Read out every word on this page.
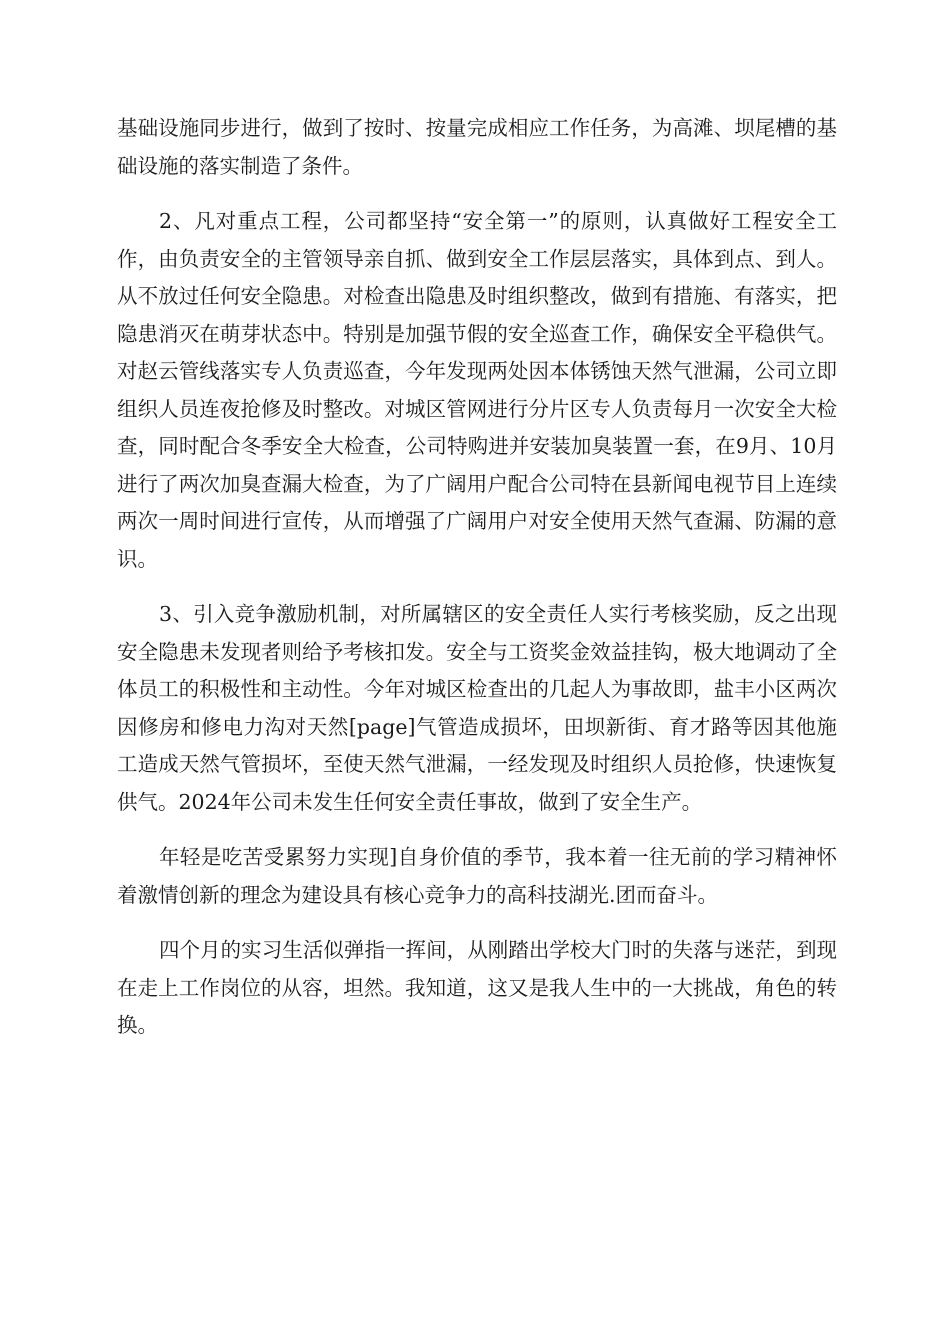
基础设施同步进行，做到了按时、按量完成相应工作任务，为高滩、坝尾槽的基础设施的落实制造了条件。

2、凡对重点工程，公司都坚持“安全第一”的原则，认真做好工程安全工作，由负责安全的主管领导亲自抓、做到安全工作层层落实，具体到点、到人。从不放过任何安全隐患。对检查出隐患及时组织整改，做到有措施、有落实，把隐患消灭在萌芽状态中。特别是加强节假的安全巡查工作，确保安全平稳供气。对赵云管线落实专人负责巡查，今年发现两处因本体锈蚀天然气泄漏，公司立即组织人员连夜抢修及时整改。对城区管网进行分片区专人负责每月一次安全大检查，同时配合冬季安全大检查，公司特购进并安装加臭装置一套，在9月、10月进行了两次加臭查漏大检查，为了广阔用户配合公司特在县新闻电视节目上连续两次一周时间进行宣传，从而增强了广阔用户对安全使用天然气查漏、防漏的意识。

3、引入竞争激励机制，对所属辖区的安全责任人实行考核奖励，反之出现安全隐患未发现者则给予考核扣发。安全与工资奖金效益挂钩，极大地调动了全体员工的积极性和主动性。今年对城区检查出的几起人为事故即，盐丰小区两次因修房和修电力沟对天然[page]气管造成损坏，田坝新街、育才路等因其他施工造成天然气管损坏，至使天然气泄漏，一经发现及时组织人员抢修，快速恢复供气。2024年公司未发生任何安全责任事故，做到了安全生产。

年轻是吃苦受累努力实现]自身价值的季节，我本着一往无前的学习精神怀着激情创新的理念为建设具有核心竞争力的高科技湖光.团而奋斗。

四个月的实习生活似弹指一挥间，从刚踏出学校大门时的失落与迷茫，到现在走上工作岗位的从容，坦然。我知道，这又是我人生中的一大挑战，角色的转换。
